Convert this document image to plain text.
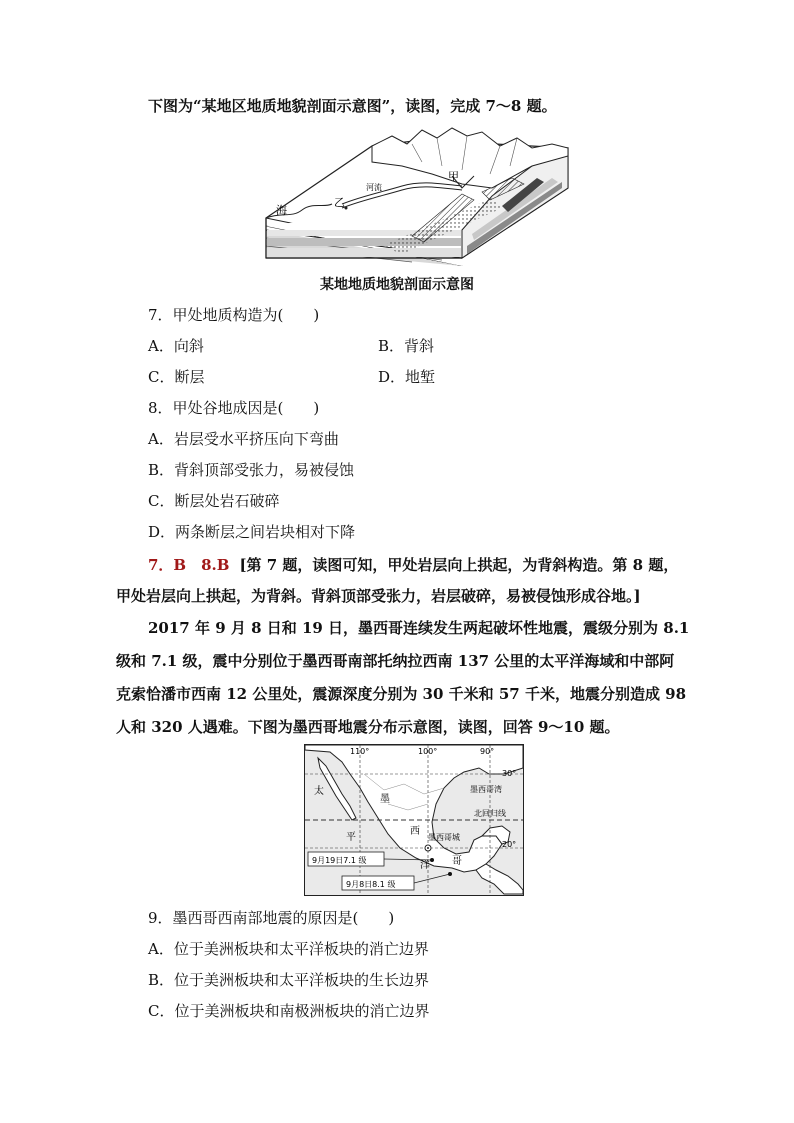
下图为“某地区地质地貌剖面示意图”，读图，完成 7～8 题。
甲
乙
海
河流
某地地质地貌剖面示意图
7．甲处地质构造为(　　)
A．向斜	B．背斜
C．断层	D．地堑
8．甲处谷地成因是(　　)
A．岩层受水平挤压向下弯曲
B．背斜顶部受张力，易被侵蚀
C．断层处岩石破碎
D．两条断层之间岩块相对下降
7．B　8.B [第 7 题，读图可知，甲处岩层向上拱起，为背斜构造。第 8 题，
甲处岩层向上拱起，为背斜。背斜顶部受张力，岩层破碎，易被侵蚀形成谷地。]
2017 年 9 月 8 日和 19 日，墨西哥连续发生两起破坏性地震，震级分别为 8.1
级和 7.1 级，震中分别位于墨西哥南部托纳拉西南 137 公里的太平洋海域和中部阿
克索恰潘市西南 12 公里处，震源深度分别为 30 千米和 57 千米，地震分别造成 98
人和 320 人遇难。下图为墨西哥地震分布示意图，读图，回答 9～10 题。
110°	100°	90°
30°
20°
墨西哥湾
北回归线
墨
西
哥
太
平
洋
墨西哥城
9月19日7.1 级
9月8日8.1 级
9．墨西哥西南部地震的原因是(　　)
A．位于美洲板块和太平洋板块的消亡边界
B．位于美洲板块和太平洋板块的生长边界
C．位于美洲板块和南极洲板块的消亡边界
